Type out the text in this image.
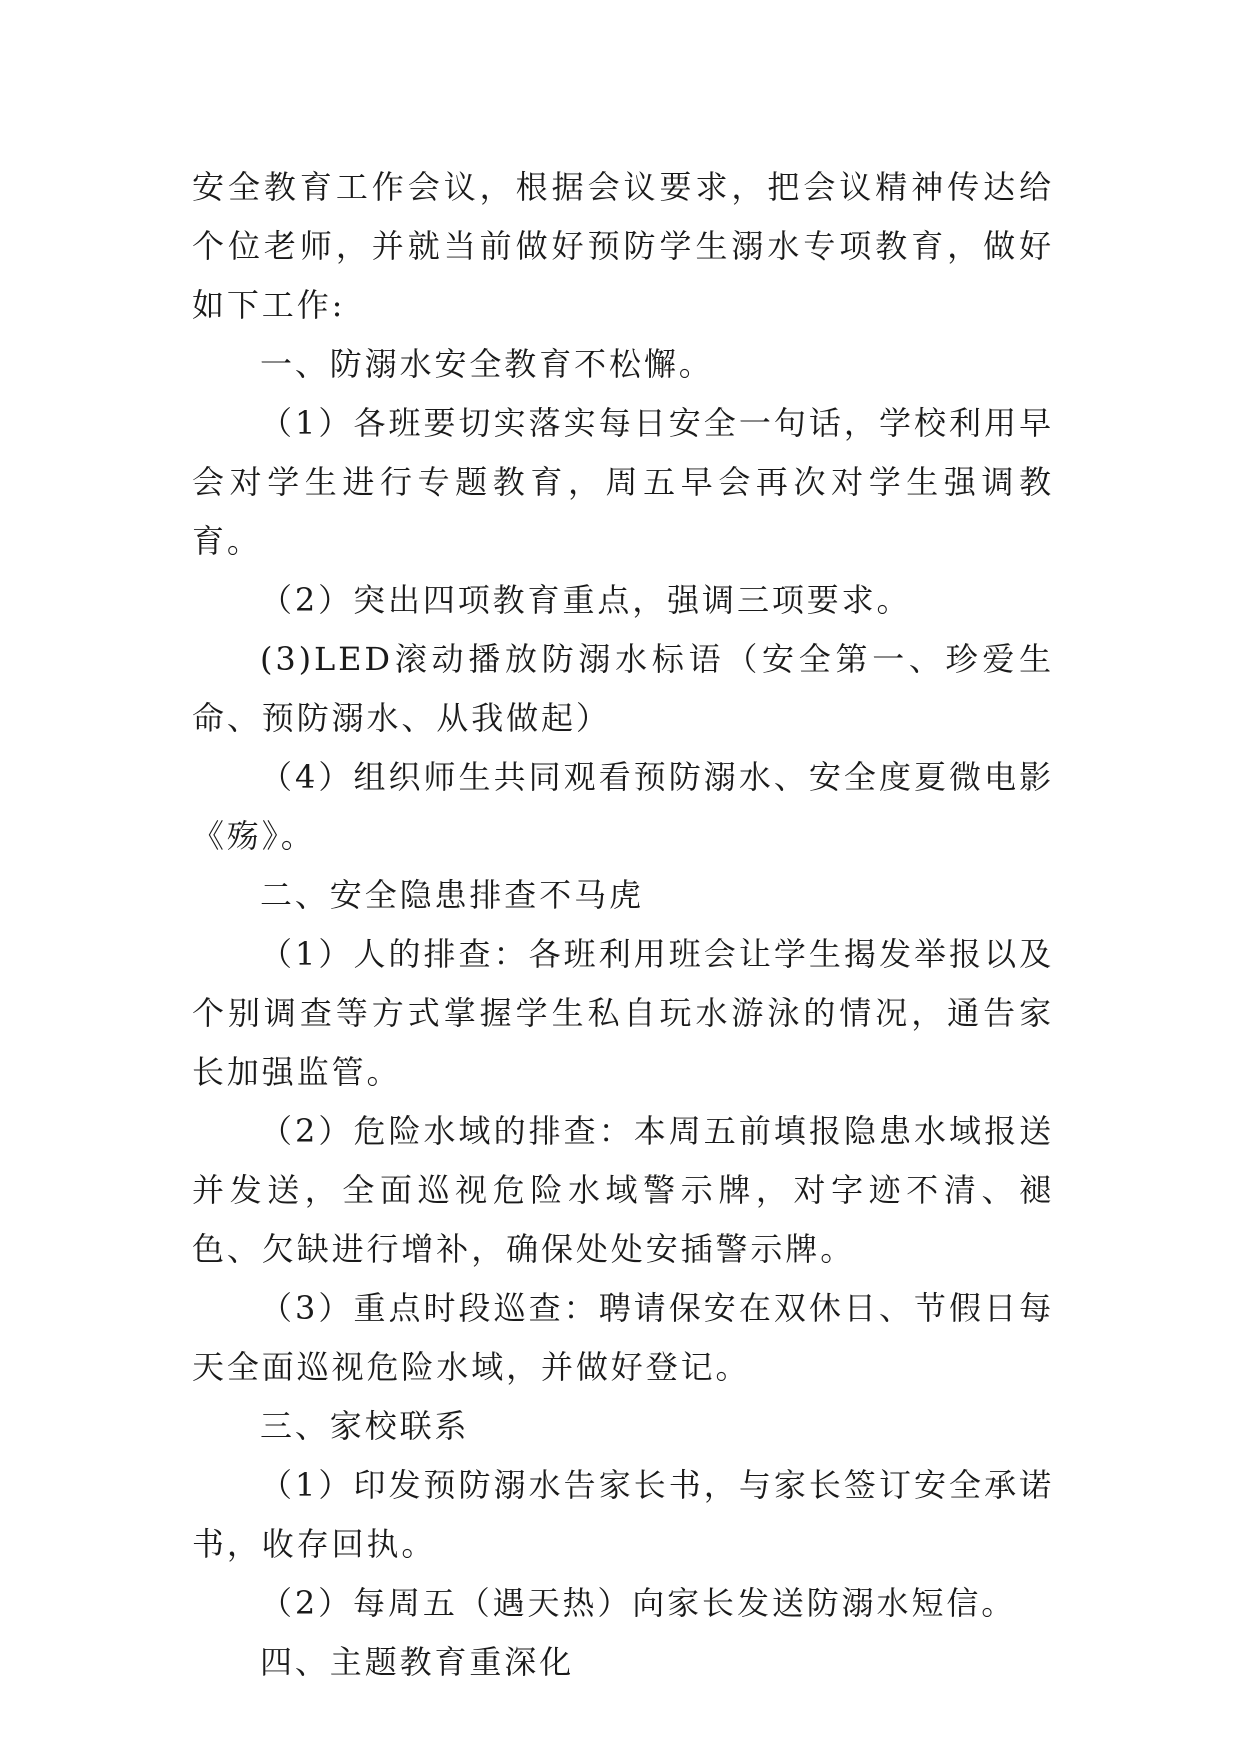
安全教育工作会议，根据会议要求，把会议精神传达给个位老师，并就当前做好预防学生溺水专项教育，做好如下工作:

一、防溺水安全教育不松懈。

（1）各班要切实落实每日安全一句话，学校利用早会对学生进行专题教育，周五早会再次对学生强调教育。

（2）突出四项教育重点，强调三项要求。

(3)LED滚动播放防溺水标语（安全第一、珍爱生命、预防溺水、从我做起）

（4）组织师生共同观看预防溺水、安全度夏微电影《殇》。

二、安全隐患排查不马虎

（1）人的排查：各班利用班会让学生揭发举报以及个别调查等方式掌握学生私自玩水游泳的情况，通告家长加强监管。

（2）危险水域的排查：本周五前填报隐患水域报送并发送，全面巡视危险水域警示牌，对字迹不清、褪色、欠缺进行增补，确保处处安插警示牌。

（3）重点时段巡查：聘请保安在双休日、节假日每天全面巡视危险水域，并做好登记。

三、家校联系

（1）印发预防溺水告家长书，与家长签订安全承诺书，收存回执。

（2）每周五（遇天热）向家长发送防溺水短信。

四、主题教育重深化
